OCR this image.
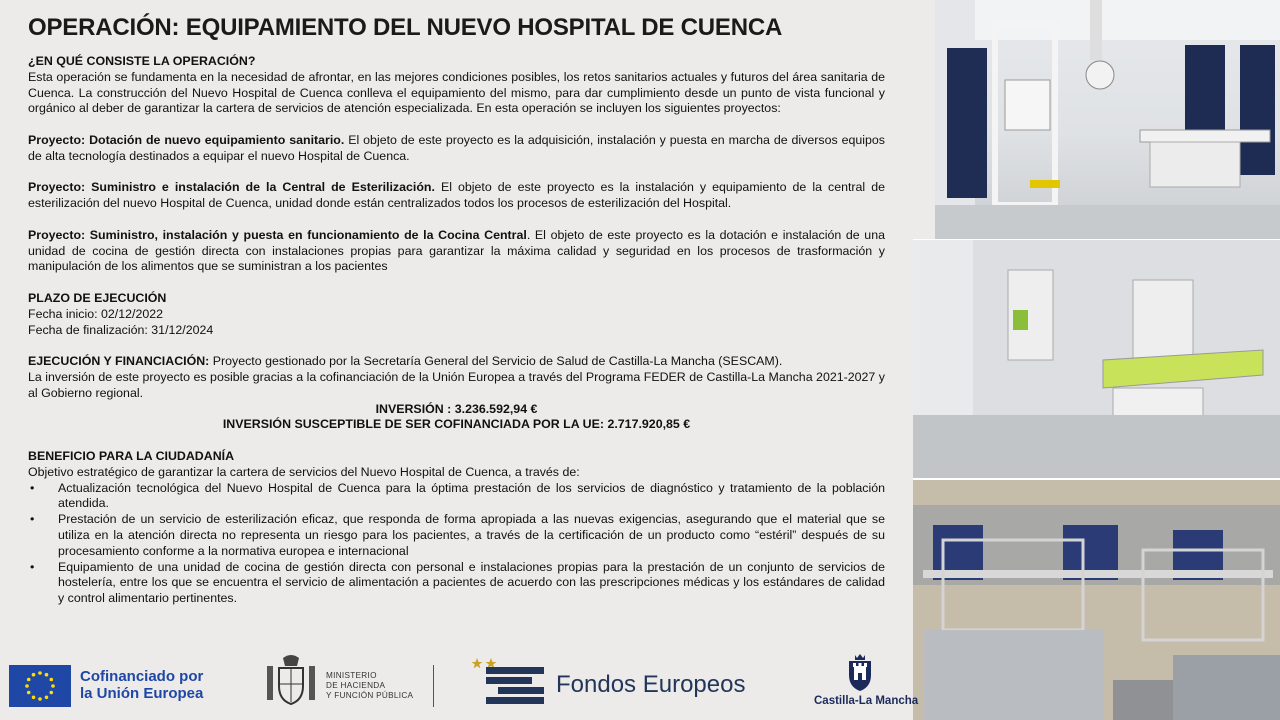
OPERACIÓN: EQUIPAMIENTO DEL NUEVO HOSPITAL DE CUENCA
¿EN QUÉ CONSISTE LA OPERACIÓN?
Esta operación se fundamenta en la necesidad de afrontar, en las mejores condiciones posibles, los retos sanitarios actuales y futuros del área sanitaria de Cuenca. La construcción del Nuevo Hospital de Cuenca conlleva el equipamiento del mismo, para dar cumplimiento desde un punto de vista funcional y orgánico al deber de garantizar la cartera de servicios de atención especializada. En esta operación se incluyen los siguientes proyectos:
Proyecto: Dotación de nuevo equipamiento sanitario. El objeto de este proyecto es la adquisición, instalación y puesta en marcha de diversos equipos de alta tecnología destinados a equipar el nuevo Hospital de Cuenca.
Proyecto: Suministro e instalación de la Central de Esterilización. El objeto de este proyecto es la instalación y equipamiento de la central de esterilización del nuevo Hospital de Cuenca, unidad donde están centralizados todos los procesos de esterilización del Hospital.
Proyecto: Suministro, instalación y puesta en funcionamiento de la Cocina Central. El objeto de este proyecto es la dotación e instalación de una unidad de cocina de gestión directa con instalaciones propias para garantizar la máxima calidad y seguridad en los procesos de trasformación y manipulación de los alimentos que se suministran a los pacientes
PLAZO DE EJECUCIÓN
Fecha inicio: 02/12/2022
Fecha de finalización: 31/12/2024
EJECUCIÓN Y FINANCIACIÓN: Proyecto gestionado por la Secretaría General del Servicio de Salud de Castilla-La Mancha (SESCAM).
La inversión de este proyecto es posible gracias a la cofinanciación de la Unión Europea a través del Programa FEDER de Castilla-La Mancha 2021-2027 y al Gobierno regional.
INVERSIÓN : 3.236.592,94 €
INVERSIÓN SUSCEPTIBLE DE SER COFINANCIADA POR LA UE: 2.717.920,85 €
BENEFICIO PARA LA CIUDADANÍA
Objetivo estratégico de garantizar la cartera de servicios del Nuevo Hospital de Cuenca, a través de:
• Actualización tecnológica del Nuevo Hospital de Cuenca para la óptima prestación de los servicios de diagnóstico y tratamiento de la población atendida.
• Prestación de un servicio de esterilización eficaz, que responda de forma apropiada a las nuevas exigencias, asegurando que el material que se utiliza en la atención directa no representa un riesgo para los pacientes, a través de la certificación de un producto como “estéril” después de su procesamiento conforme a la normativa europea e internacional
• Equipamiento de una unidad de cocina de gestión directa con personal e instalaciones propias para la prestación de un conjunto de servicios de hostelería, entre los que se encuentra el servicio de alimentación a pacientes de acuerdo con las prescripciones médicas y los estándares de calidad y control alimentario pertinentes.
Cofinanciado por
la Unión Europea
MINISTERIO
DE HACIENDA
Y FUNCIÓN PÚBLICA	Fondos Europeos
Castilla-La Mancha
